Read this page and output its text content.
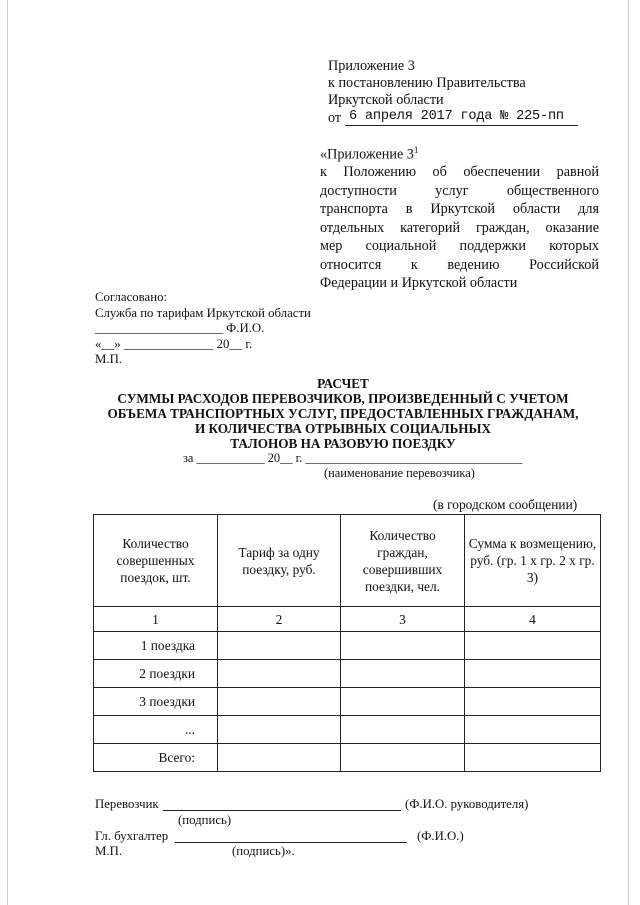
Приложение 3
к постановлению Правительства
Иркутской области
от 6 апреля 2017 года № 225-пп
«Приложение $3^1$
к Положению об обеспечении равной
доступности услуг общественного
транспорта в Иркутской области для
отдельных категорий граждан, оказание
мер социальной поддержки которых
относится к ведению Российской
Федерации и Иркутской области
Согласовано:
Служба по тарифам Иркутской области
____________________ Ф.И.О.
«__» ______________ 20__ г.
М.П.
РАСЧЕТ
СУММЫ РАСХОДОВ ПЕРЕВОЗЧИКОВ, ПРОИЗВЕДЕННЫЙ С УЧЕТОМ
ОБЪЕМА ТРАНСПОРТНЫХ УСЛУГ, ПРЕДОСТАВЛЕННЫХ ГРАЖДАНАМ,
И КОЛИЧЕСТВА ОТРЫВНЫХ СОЦИАЛЬНЫХ
ТАЛОНОВ НА РАЗОВУЮ ПОЕЗДКУ
за ___________ 20__ г. ___________________________________
(наименование перевозчика)
(в городском сообщении)
Количество совершенных поездок, шт.	Тариф за одну поездку, руб.	Количество граждан, совершивших поездки, чел.	Сумма к возмещению, руб. (гр. 1 х гр. 2 х гр. 3)
1	2	3	4
1 поездка			
2 поездки			
3 поездки			
...			
Всего:			
Перевозчик	(Ф.И.О. руководителя)
(подпись)
Гл. бухгалтер	(Ф.И.О.)
М.П.	(подпись)».
